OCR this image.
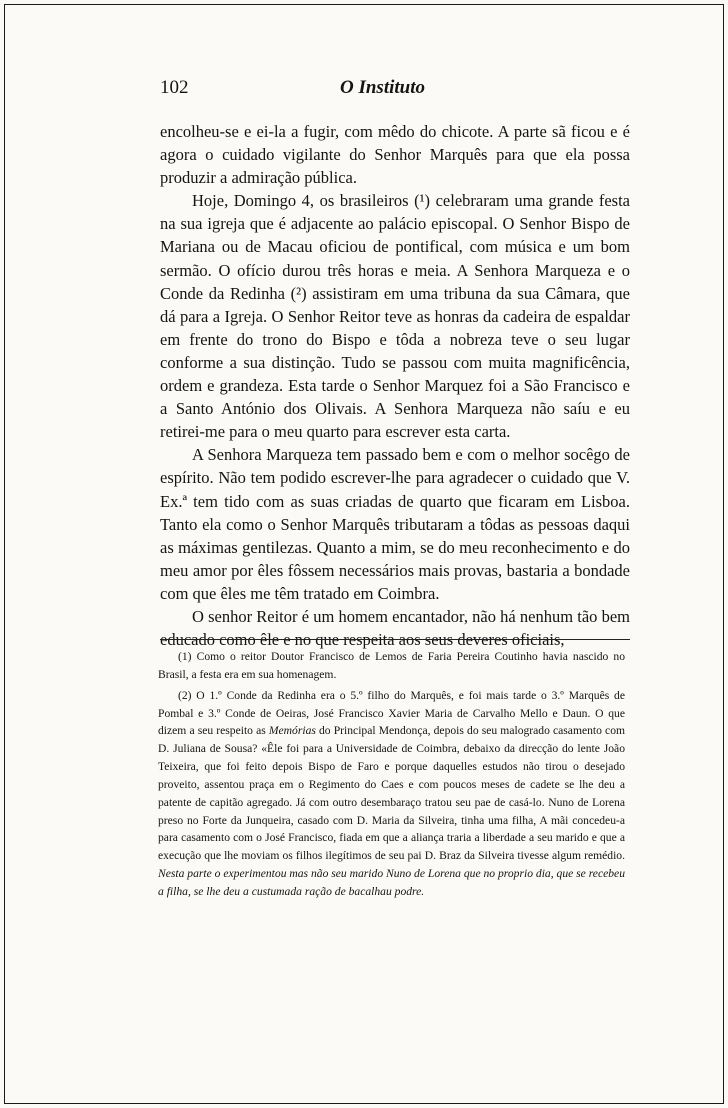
102	O Instituto

encolheu-se e ei-la a fugir, com mêdo do chicote. A parte sã ficou e é agora o cuidado vigilante do Senhor Marquês para que ela possa produzir a admiração pública.

Hoje, Domingo 4, os brasileiros (¹) celebraram uma grande festa na sua igreja que é adjacente ao palácio episcopal. O Senhor Bispo de Mariana ou de Macau oficiou de pontifical, com música e um bom sermão. O ofício durou três horas e meia. A Senhora Marqueza e o Conde da Redinha (²) assistiram em uma tribuna da sua Câmara, que dá para a Igreja. O Senhor Reitor teve as honras da cadeira de espaldar em frente do trono do Bispo e tôda a nobreza teve o seu lugar conforme a sua distinção. Tudo se passou com muita magnificência, ordem e grandeza. Esta tarde o Senhor Marquez foi a São Francisco e a Santo António dos Olivais. A Senhora Marqueza não saíu e eu retirei-me para o meu quarto para escrever esta carta.

A Senhora Marqueza tem passado bem e com o melhor socêgo de espírito. Não tem podido escrever-lhe para agradecer o cuidado que V. Ex.ª tem tido com as suas criadas de quarto que ficaram em Lisboa. Tanto ela como o Senhor Marquês tributaram a tôdas as pessoas daqui as máximas gentilezas. Quanto a mim, se do meu reconhecimento e do meu amor por êles fôssem necessários mais provas, bastaria a bondade com que êles me têm tratado em Coimbra.

O senhor Reitor é um homem encantador, não há nenhum tão bem educado como êle e no que respeita aos seus deveres oficiais,

(1) Como o reitor Doutor Francisco de Lemos de Faria Pereira Coutinho havia nascido no Brasil, a festa era em sua homenagem.

(2) O 1.º Conde da Redinha era o 5.º filho do Marquês, e foi mais tarde o 3.º Marquês de Pombal e 3.º Conde de Oeiras, José Francisco Xavier Maria de Carvalho Mello e Daun. O que dizem a seu respeito as Memórias do Principal Mendonça, depois do seu malogrado casamento com D. Juliana de Sousa? «Êle foi para a Universidade de Coimbra, debaixo da direcção do lente João Teixeira, que foi feito depois Bispo de Faro e porque daquelles estudos não tirou o desejado proveito, assentou praça em o Regimento do Caes e com poucos meses de cadete se lhe deu a patente de capitão agregado. Já com outro desembaraço tratou seu pae de casá-lo. Nuno de Lorena preso no Forte da Junqueira, casado com D. Maria da Silveira, tinha uma filha, A mãi concedeu-a para casamento com o José Francisco, fiada em que a aliança traria a liberdade a seu marido e que a execução que lhe moviam os filhos ilegítimos de seu pai D. Braz da Silveira tivesse algum remédio. Nesta parte o experimentou mas não seu marido Nuno de Lorena que no proprio dia, que se recebeu a filha, se lhe deu a custumada ração de bacalhau podre.
